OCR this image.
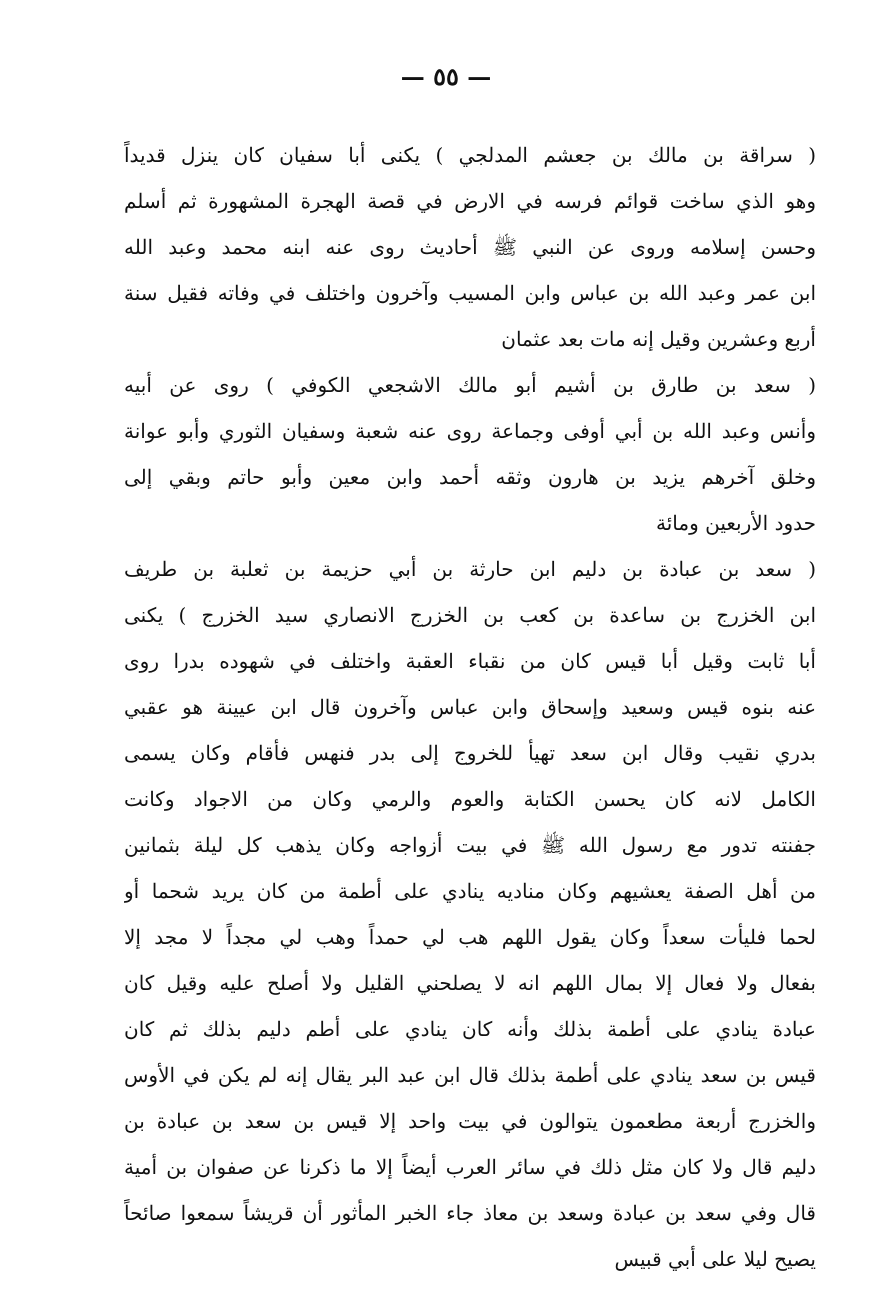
— ٥٥ —
( سراقة بن مالك بن جعشم المدلجي ) يكنى أبا سفيان كان ينزل قديداً
وهو الذي ساخت قوائم فرسه في الارض في قصة الهجرة المشهورة ثم أسلم
وحسن إسلامه وروى عن النبي ﷺ أحاديث روى عنه ابنه محمد وعبد الله
ابن عمر وعبد الله بن عباس وابن المسيب وآخرون واختلف في وفاته فقيل سنة
أربع وعشرين وقيل إنه مات بعد عثمان
( سعد بن طارق بن أشيم أبو مالك الاشجعي الكوفي ) روى عن أبيه
وأنس وعبد الله بن أبي أوفى وجماعة روى عنه شعبة وسفيان الثوري وأبو عوانة
وخلق آخرهم يزيد بن هارون وثقه أحمد وابن معين وأبو حاتم وبقي إلى
حدود الأربعين ومائة
( سعد بن عبادة بن دليم ابن حارثة بن أبي حزيمة بن ثعلبة بن طريف
ابن الخزرج بن ساعدة بن كعب بن الخزرج الانصاري سيد الخزرج ) يكنى
أبا ثابت وقيل أبا قيس كان من نقباء العقبة واختلف في شهوده بدرا روى
عنه بنوه قيس وسعيد وإسحاق وابن عباس وآخرون قال ابن عيينة هو عقبي
بدري نقيب وقال ابن سعد تهيأ للخروج إلى بدر فنهس فأقام وكان يسمى
الكامل لانه كان يحسن الكتابة والعوم والرمي وكان من الاجواد وكانت
جفنته تدور مع رسول الله ﷺ في بيت أزواجه وكان يذهب كل ليلة بثمانين
من أهل الصفة يعشيهم وكان مناديه ينادي على أطمة من كان يريد شحما أو
لحما فليأت سعداً وكان يقول اللهم هب لي حمداً وهب لي مجداً لا مجد إلا
بفعال ولا فعال إلا بمال اللهم انه لا يصلحني القليل ولا أصلح عليه وقيل كان
عبادة ينادي على أطمة بذلك وأنه كان ينادي على أطم دليم بذلك ثم كان
قيس بن سعد ينادي على أطمة بذلك قال ابن عبد البر يقال إنه لم يكن في الأوس
والخزرج أربعة مطعمون يتوالون في بيت واحد إلا قيس بن سعد بن عبادة بن
دليم قال ولا كان مثل ذلك في سائر العرب أيضاً إلا ما ذكرنا عن صفوان بن أمية
قال وفي سعد بن عبادة وسعد بن معاذ جاء الخبر المأثور أن قريشاً سمعوا صائحاً
يصيح ليلا على أبي قبيس
